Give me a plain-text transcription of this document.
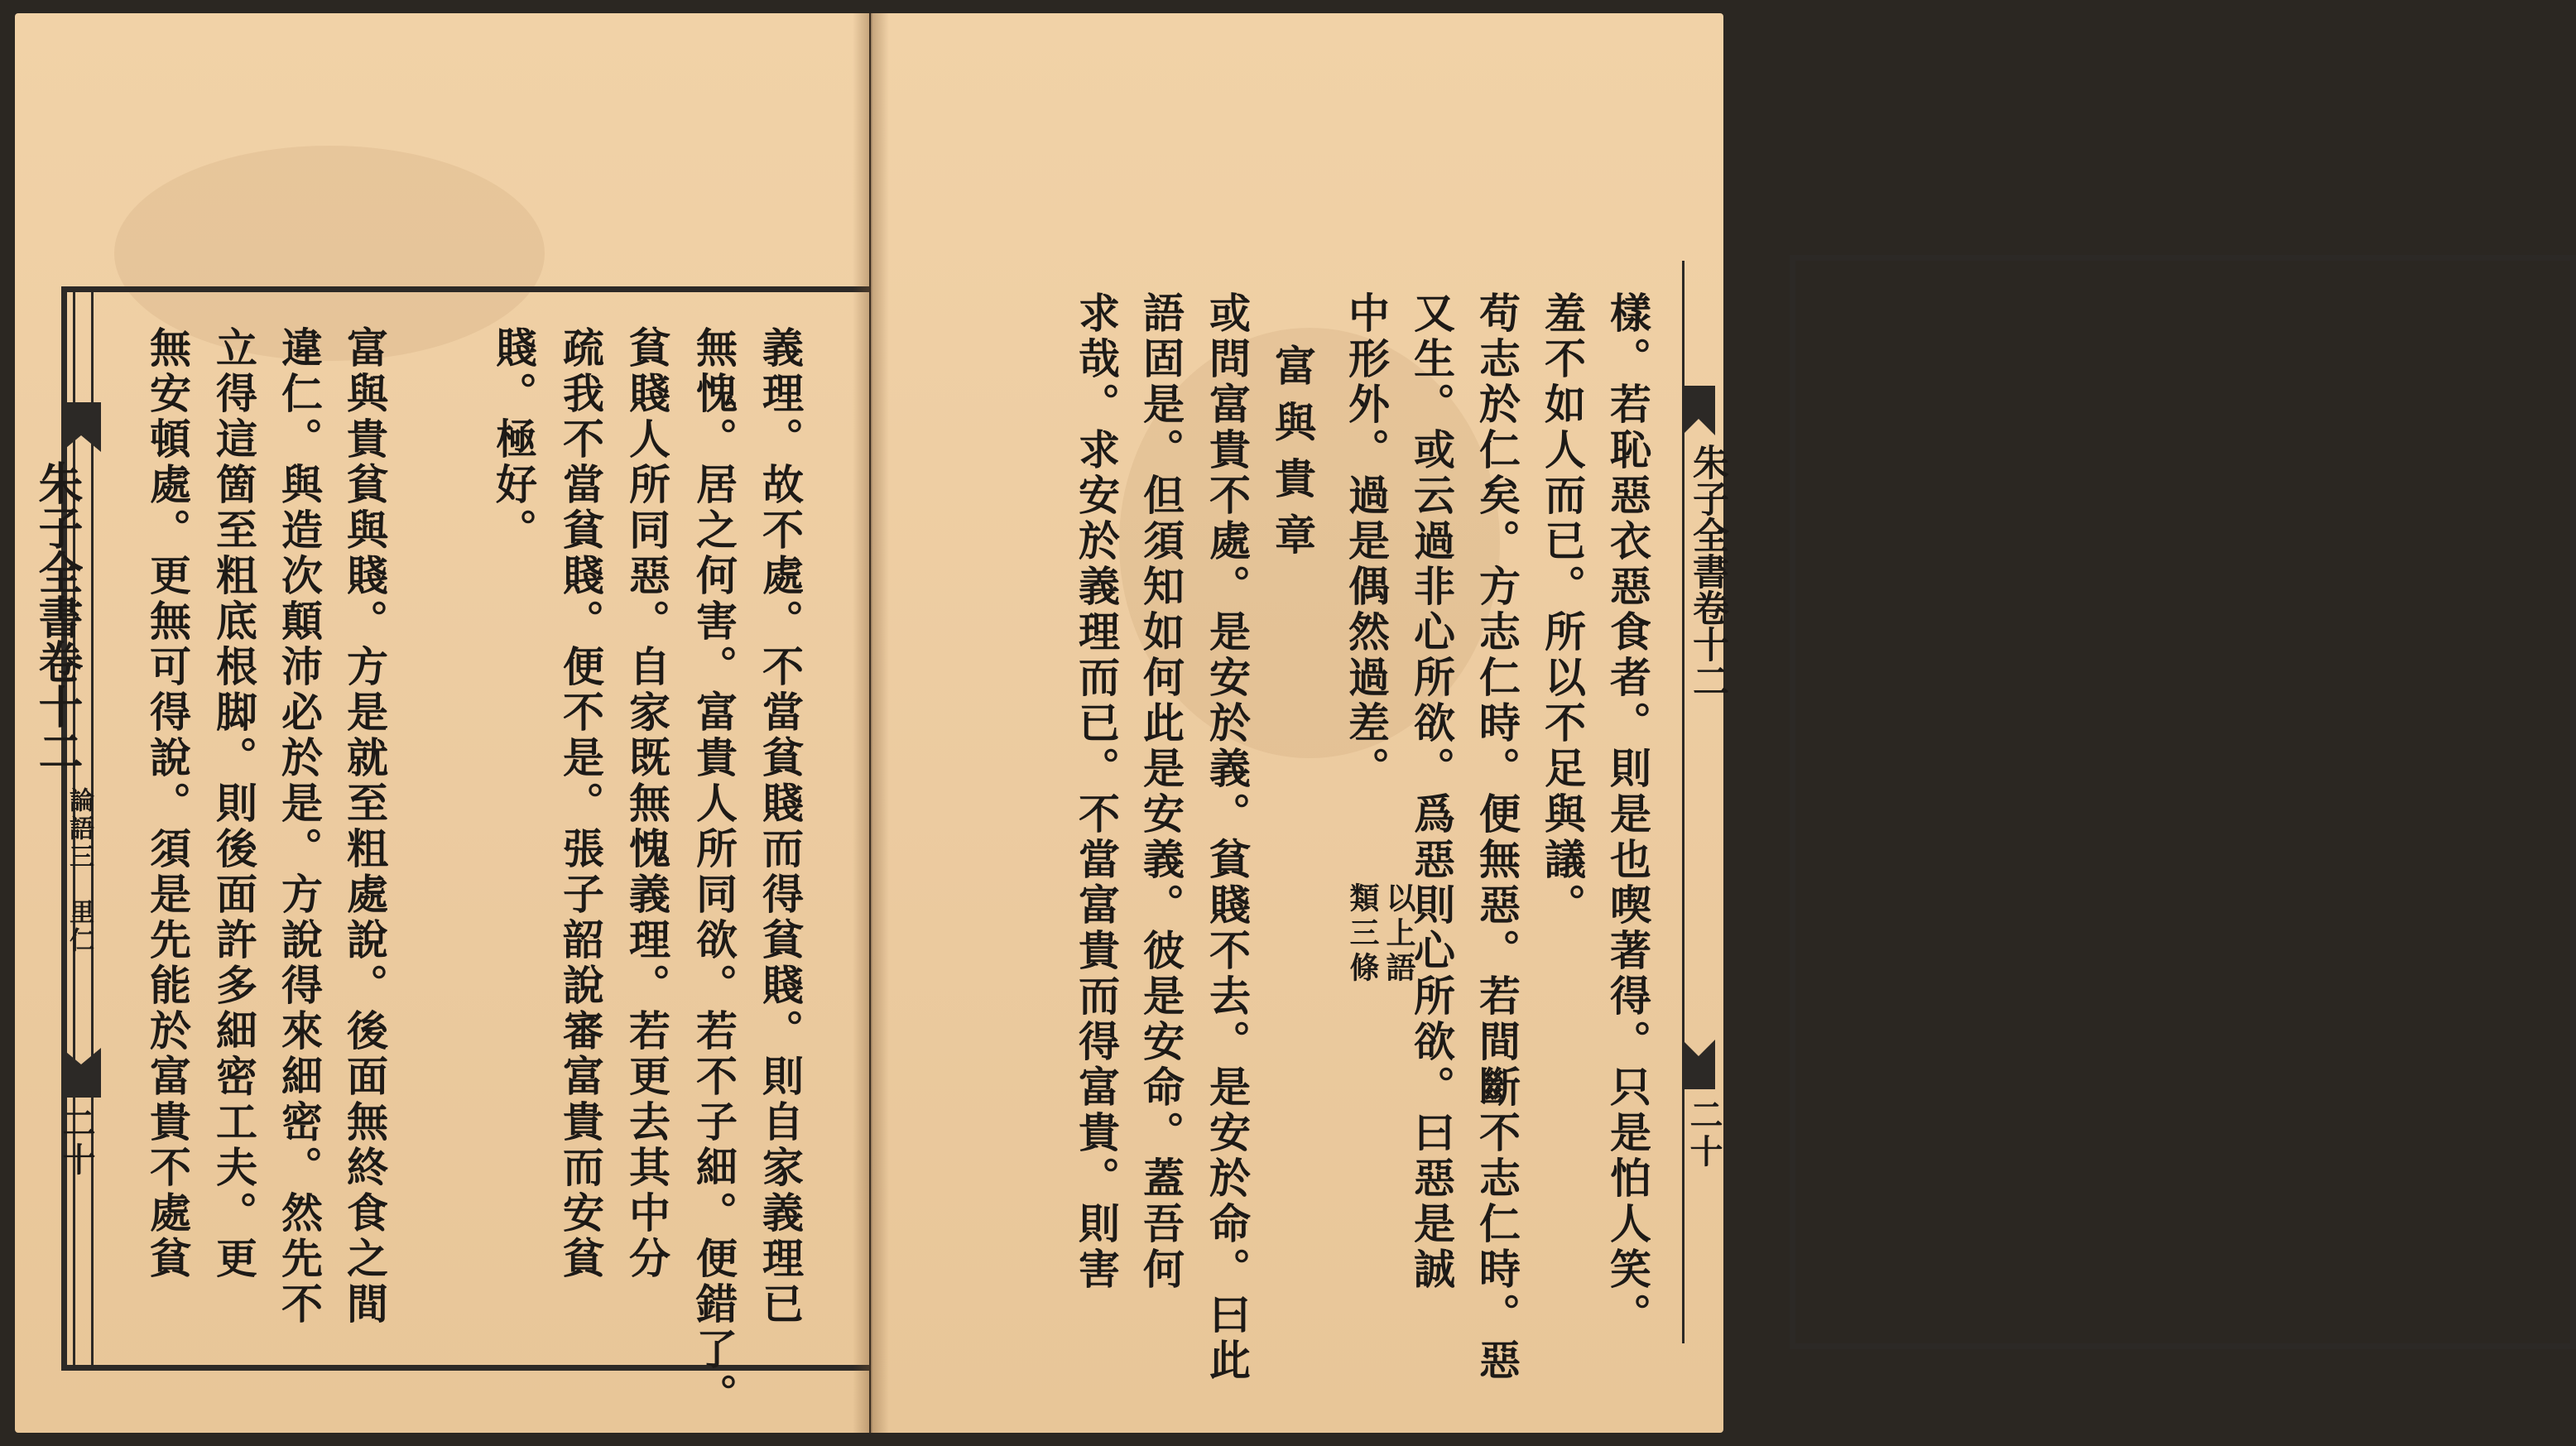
朱子全書卷十二
論語三
里仁
二十	義理。故不處。不當貧賤而得貧賤。則自家義理已
無愧。居之何害。富貴人所同欲。若不子細。便錯了。
貧賤人所同惡。自家既無愧義理。若更去其中分
疏我不當貧賤。便不是。張子韶說審富貴而安貧
賤。極好。
富與貴貧與賤。方是就至粗處說。後面無終食之間
違仁。與造次顛沛必於是。方說得來細密。然先不
立得這箇至粗底根脚。則後面許多細密工夫。更
無安頓處。更無可得說。須是先能於富貴不處貧	朱子全書卷十二
二十
樣。若恥惡衣惡食者。則是也喫著得。只是怕人笑。
羞不如人而已。所以不足與議。
苟志於仁矣。方志仁時。便無惡。若間斷不志仁時。惡
又生。或云過非心所欲。爲惡則心所欲。曰惡是誠
中形外。過是偶然過差。
以上語
類三條
富與貴章
或問富貴不處。是安於義。貧賤不去。是安於命。曰此
語固是。但須知如何此是安義。彼是安命。蓋吾何
求哉。求安於義理而已。不當富貴而得富貴。則害
